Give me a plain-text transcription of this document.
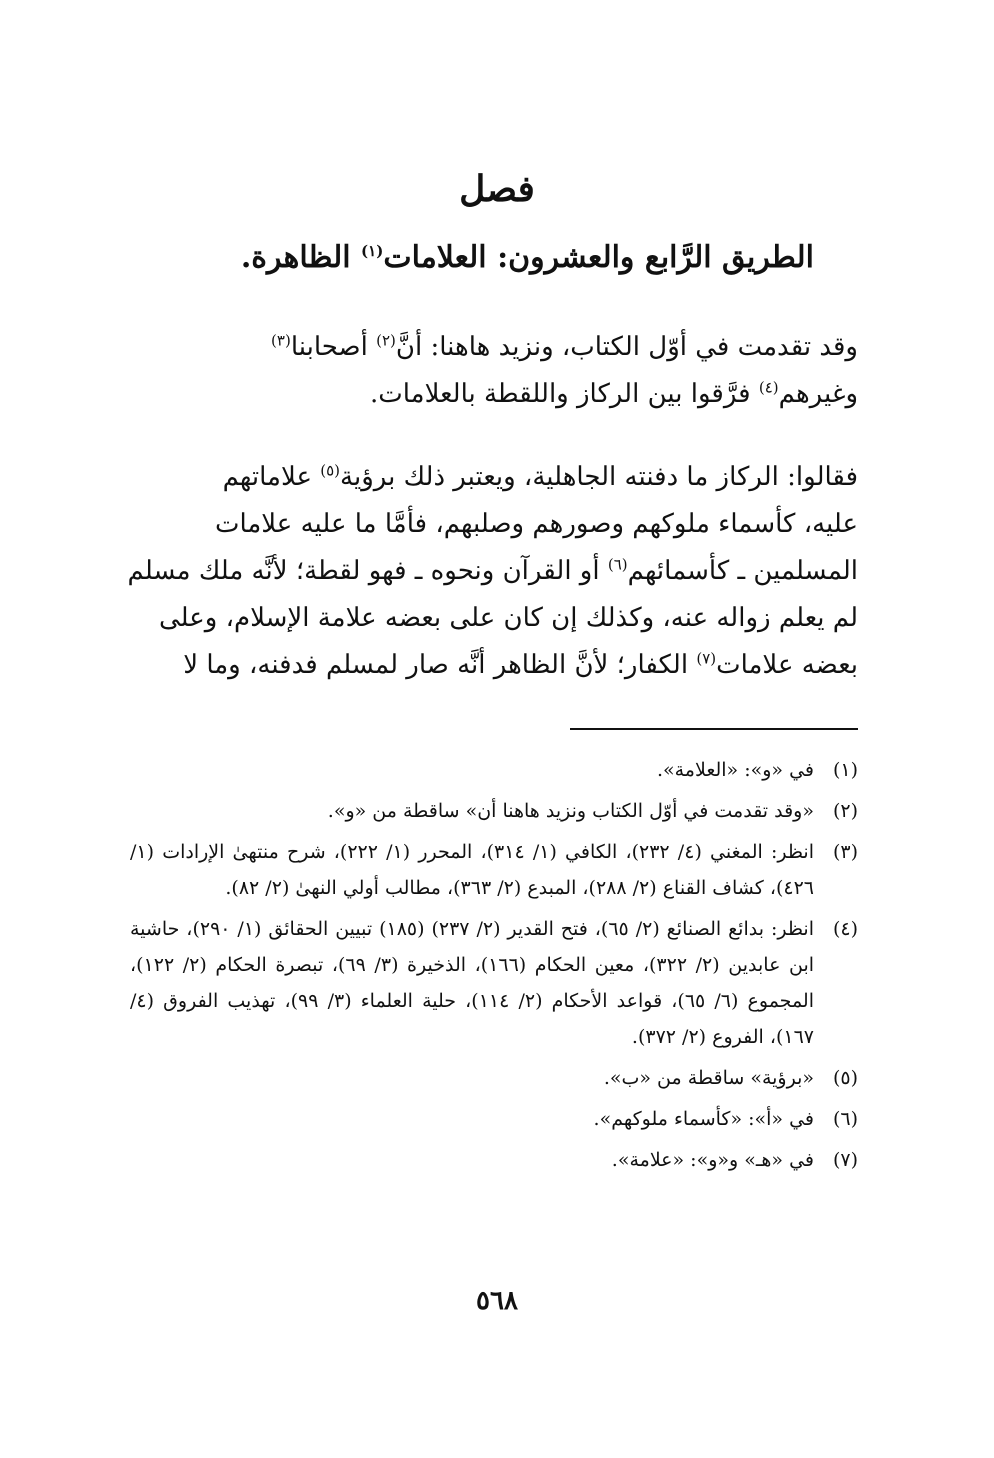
فصل
الطريق الرَّابع والعشرون: العلامات$^{(١)}$ الظاهرة.
وقد تقدمت في أوّل الكتاب، ونزيد هاهنا: أنَّ$^{(٢)}$ أصحابنا$^{(٣)}$
وغيرهم$^{(٤)}$ فرَّقوا بين الركاز واللقطة بالعلامات.
فقالوا: الركاز ما دفنته الجاهلية، ويعتبر ذلك برؤية$^{(٥)}$ علاماتهم
عليه، كأسماء ملوكهم وصورهم وصلبهم، فأمَّا ما عليه علامات
المسلمين ـ كأسمائهم$^{(٦)}$ أو القرآن ونحوه ـ فهو لقطة؛ لأنَّه ملك مسلم
لم يعلم زواله عنه، وكذلك إن كان على بعضه علامة الإسلام، وعلى
بعضه علامات$^{(٧)}$ الكفار؛ لأنَّ الظاهر أنَّه صار لمسلم فدفنه، وما لا
(١)
في «و»: «العلامة».
(٢)
«وقد تقدمت في أوّل الكتاب ونزيد هاهنا أن» ساقطة من «و».
(٣)
انظر: المغني (٤/ ٢٣٢)، الكافي (١/ ٣١٤)، المحرر (١/ ٢٢٢)، شرح منتهىٰ الإرادات (١/ ٤٢٦)، كشاف القناع (٢/ ٢٨٨)، المبدع (٢/ ٣٦٣)، مطالب أولي النهىٰ (٢/ ٨٢).
(٤)
انظر: بدائع الصنائع (٢/ ٦٥)، فتح القدير (٢/ ٢٣٧) (١٨٥) تبيين الحقائق (١/ ٢٩٠)، حاشية ابن عابدين (٢/ ٣٢٢)، معين الحكام (١٦٦)، الذخيرة (٣/ ٦٩)، تبصرة الحكام (٢/ ١٢٢)، المجموع (٦/ ٦٥)، قواعد الأحكام (٢/ ١١٤)، حلية العلماء (٣/ ٩٩)، تهذيب الفروق (٤/ ١٦٧)، الفروع (٢/ ٣٧٢).
(٥)
«برؤية» ساقطة من «ب».
(٦)
في «أ»: «كأسماء ملوكهم».
(٧)
في «هـ» و«و»: «علامة».
٥٦٨
